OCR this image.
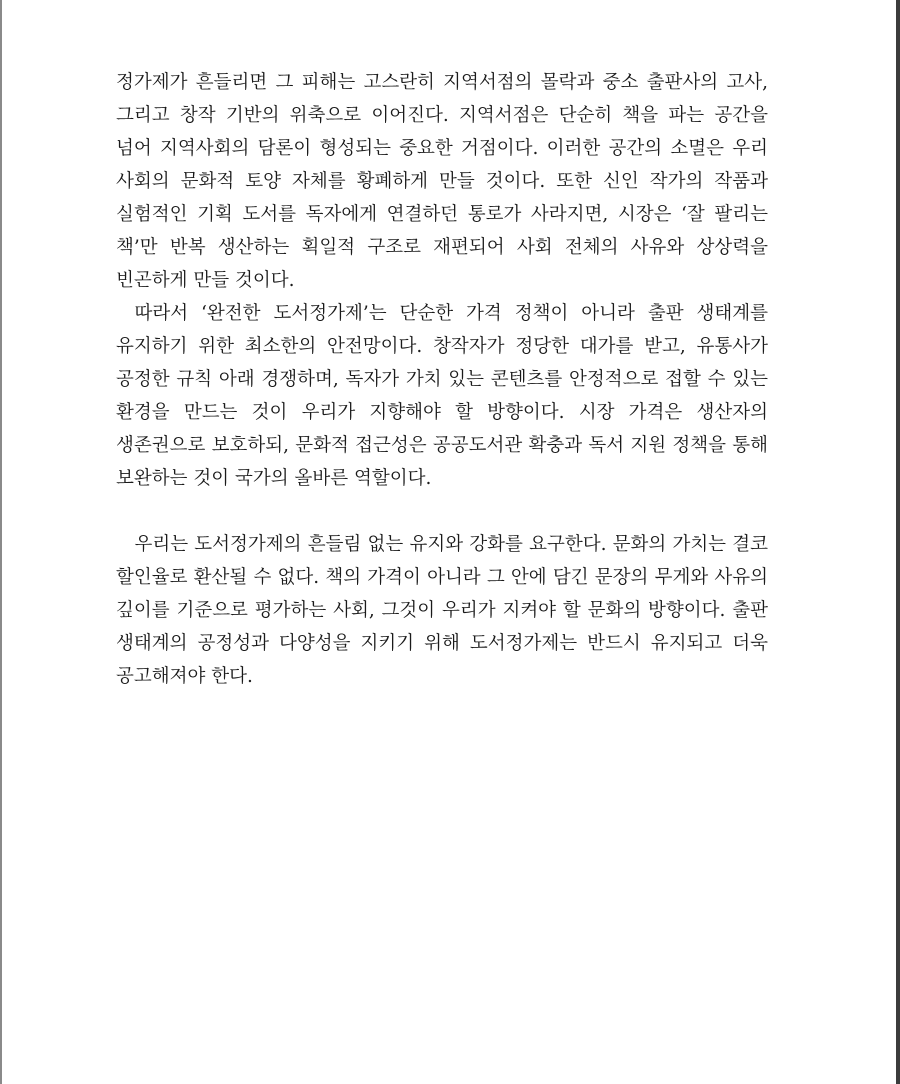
정가제가 흔들리면 그 피해는 고스란히 지역서점의 몰락과 중소 출판사의 고사, 그리고 창작 기반의 위축으로 이어진다. 지역서점은 단순히 책을 파는 공간을 넘어 지역사회의 담론이 형성되는 중요한 거점이다. 이러한 공간의 소멸은 우리 사회의 문화적 토양 자체를 황폐하게 만들 것이다. 또한 신인 작가의 작품과 실험적인 기획 도서를 독자에게 연결하던 통로가 사라지면, 시장은 ‘잘 팔리는 책’만 반복 생산하는 획일적 구조로 재편되어 사회 전체의 사유와 상상력을 빈곤하게 만들 것이다.

따라서 ‘완전한 도서정가제’는 단순한 가격 정책이 아니라 출판 생태계를 유지하기 위한 최소한의 안전망이다. 창작자가 정당한 대가를 받고, 유통사가 공정한 규칙 아래 경쟁하며, 독자가 가치 있는 콘텐츠를 안정적으로 접할 수 있는 환경을 만드는 것이 우리가 지향해야 할 방향이다. 시장 가격은 생산자의 생존권으로 보호하되, 문화적 접근성은 공공도서관 확충과 독서 지원 정책을 통해 보완하는 것이 국가의 올바른 역할이다.

우리는 도서정가제의 흔들림 없는 유지와 강화를 요구한다. 문화의 가치는 결코 할인율로 환산될 수 없다. 책의 가격이 아니라 그 안에 담긴 문장의 무게와 사유의 깊이를 기준으로 평가하는 사회, 그것이 우리가 지켜야 할 문화의 방향이다. 출판 생태계의 공정성과 다양성을 지키기 위해 도서정가제는 반드시 유지되고 더욱 공고해져야 한다.
